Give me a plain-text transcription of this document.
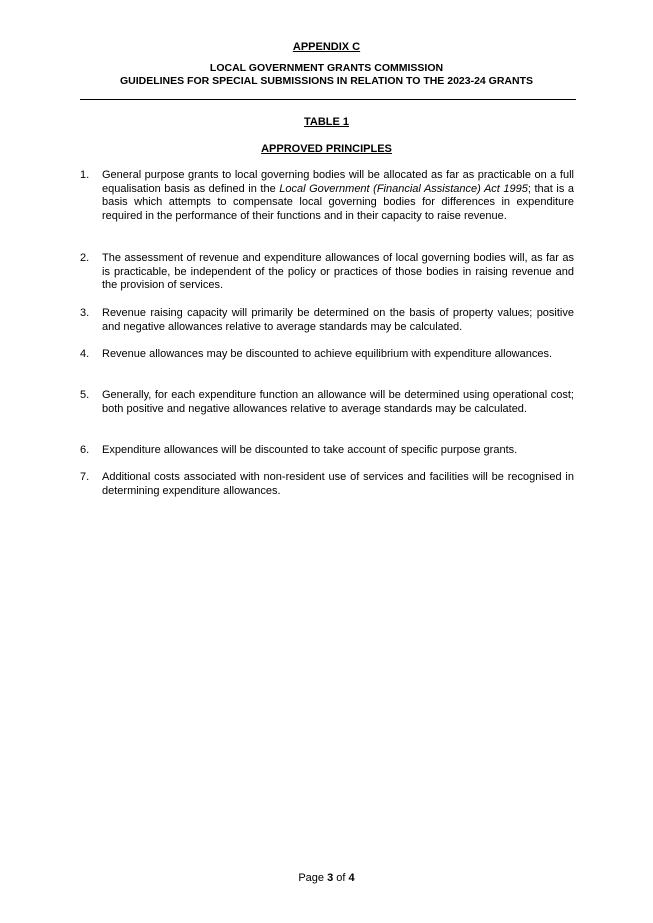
APPENDIX C
LOCAL GOVERNMENT GRANTS COMMISSION
GUIDELINES FOR SPECIAL SUBMISSIONS IN RELATION TO THE 2023-24 GRANTS
TABLE 1
APPROVED PRINCIPLES
1. General purpose grants to local governing bodies will be allocated as far as practicable on a full equalisation basis as defined in the Local Government (Financial Assistance) Act 1995; that is a basis which attempts to compensate local governing bodies for differences in expenditure required in the performance of their functions and in their capacity to raise revenue.

2. The assessment of revenue and expenditure allowances of local governing bodies will, as far as is practicable, be independent of the policy or practices of those bodies in raising revenue and the provision of services.

3. Revenue raising capacity will primarily be determined on the basis of property values; positive and negative allowances relative to average standards may be calculated.

4. Revenue allowances may be discounted to achieve equilibrium with expenditure allowances.

5. Generally, for each expenditure function an allowance will be determined using operational cost; both positive and negative allowances relative to average standards may be calculated.

6. Expenditure allowances will be discounted to take account of specific purpose grants.

7. Additional costs associated with non-resident use of services and facilities will be recognised in determining expenditure allowances.

Page 3 of 4
